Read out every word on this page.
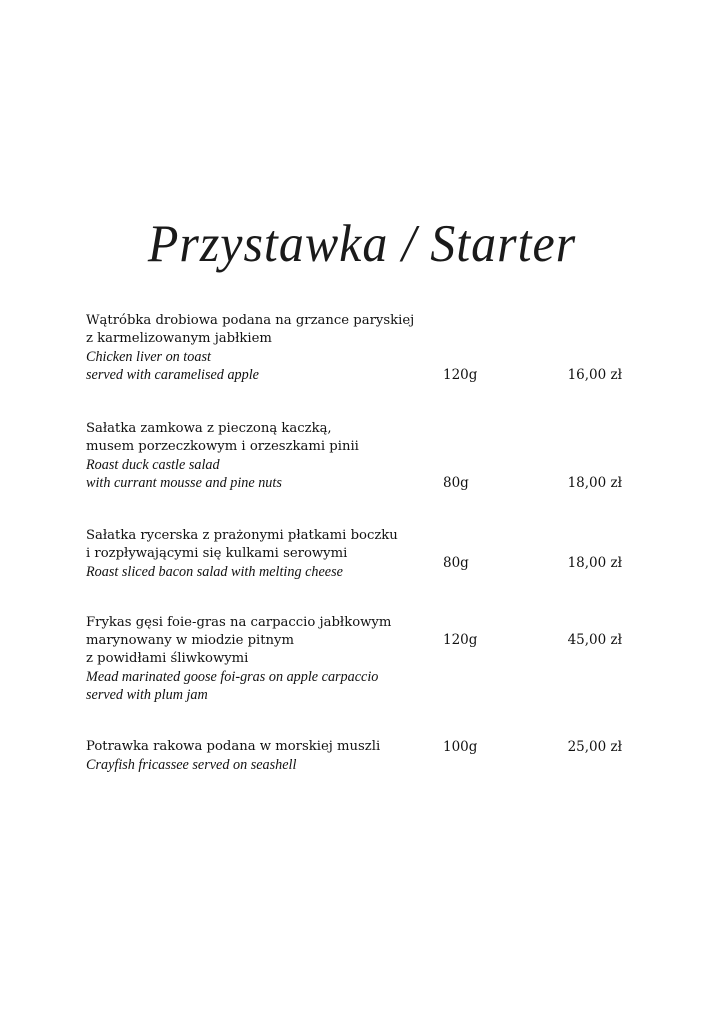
Przystawka / Starter
Wątróbka drobiowa podana na grzance paryskiej
z karmelizowanym jabłkiem
Chicken liver on toast
served with caramelised apple	120g	16,00 zł
Sałatka zamkowa z pieczoną kaczką,
musem porzeczkowym i orzeszkami pinii
Roast duck castle salad
with currant mousse and pine nuts	80g	18,00 zł
Sałatka rycerska z prażonymi płatkami boczku
i rozpływającymi się kulkami serowymi
Roast sliced bacon salad with melting cheese
80g	18,00 zł
Frykas gęsi foie-gras na carpaccio jabłkowym
marynowany w miodzie pitnym
z powidłami śliwkowymi
Mead marinated goose foi-gras on apple carpaccio
served with plum jam
120g	45,00 zł
Potrawka rakowa podana w morskiej muszli
Crayfish fricassee served on seashell
100g	25,00 zł
